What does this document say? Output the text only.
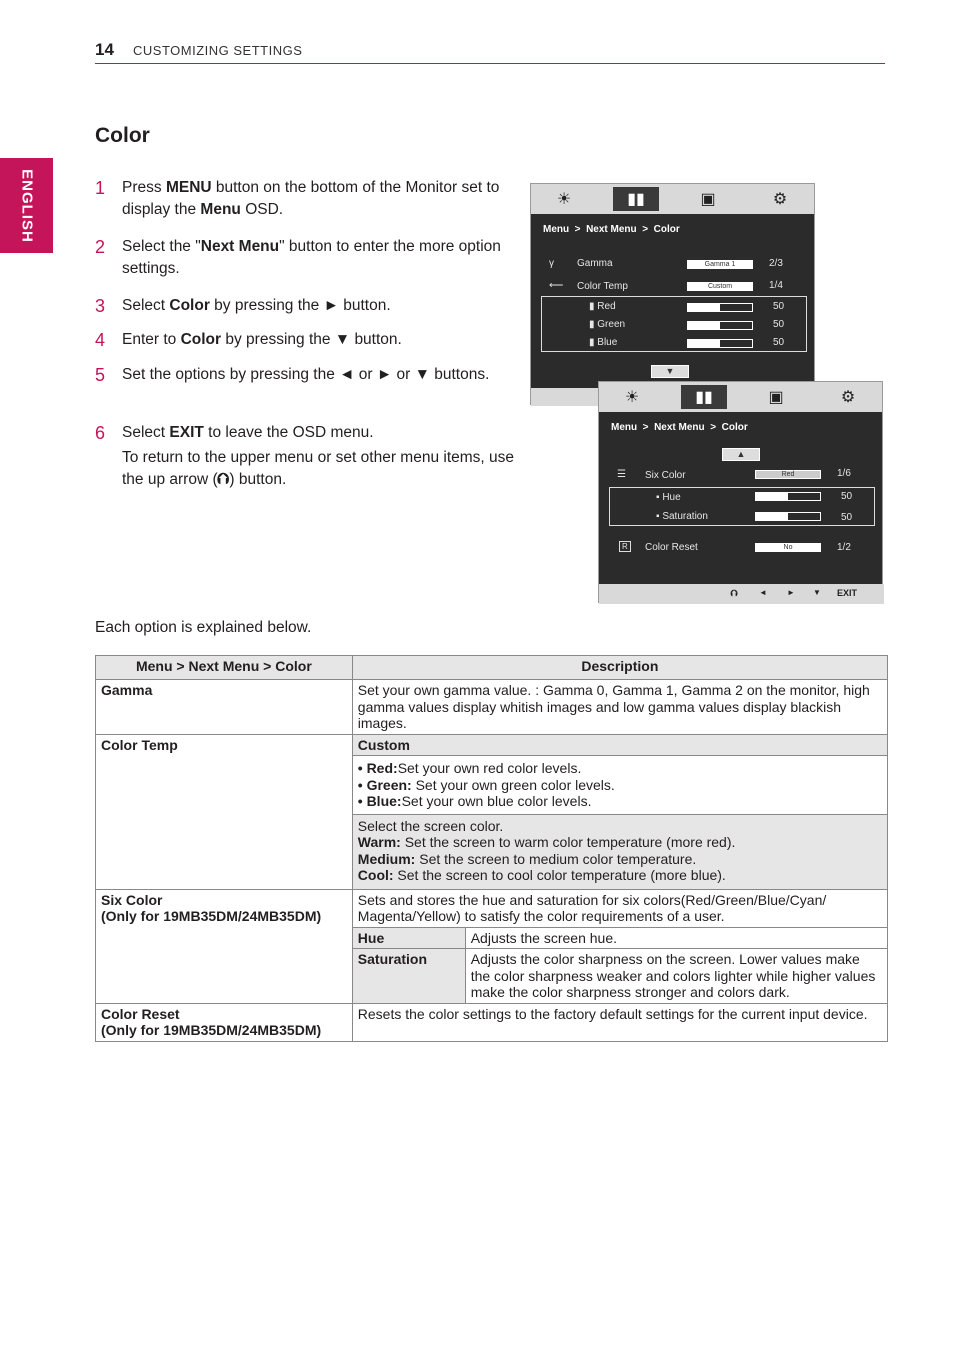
14 CUSTOMIZING SETTINGS
ENGLISH
Color
1 Press MENU button on the bottom of the Monitor set to display the Menu OSD.
2 Select the "Next Menu" button to enter the more option settings.
3 Select Color by pressing the ► button.
4 Enter to Color by pressing the ▼ button.
5 Set the options by pressing the ◄ or ► or ▼ buttons.
6 Select EXIT to leave the OSD menu.
To return to the upper menu or set other menu items, use the up arrow (⮉) button.
☀	▮▮	▣	⚙
Menu > Next Menu > Color
γ Gamma	Gamma 1	2/3
⟵ Color Temp	Custom	1/4
▮ Red	50
▮ Green	50
▮ Blue	50
▼
☀	▮▮	▣	⚙
Menu > Next Menu > Color
▲
☰ Six Color	Red	1/6
▪ Hue	50
▪ Saturation	50
R	Color Reset	No	1/2
⮉	◄	► ▼ EXIT
Each option is explained below.
Menu > Next Menu > Color	Description	
Gamma	Set your own gamma value. : Gamma 0, Gamma 1, Gamma 2 on the monitor, high gamma values display whitish images and low gamma values display blackish images.	
Color Temp	Custom	
	• Red:Set your own red color levels.
• Green: Set your own green color levels.
• Blue:Set your own blue color levels.	
	Select the screen color.
Warm: Set the screen to warm color temperature (more red).
Medium: Set the screen to medium color temperature.
Cool: Set the screen to cool color temperature (more blue).	
Six Color
(Only for 19MB35DM/24MB35DM)	Sets and stores the hue and saturation for six colors(Red/Green/Blue/Cyan/ Magenta/Yellow) to satisfy the color requirements of a user.	
	Hue	Adjusts the screen hue.
	Saturation	Adjusts the color sharpness on the screen. Lower values make the color sharpness weaker and colors lighter while higher values make the color sharpness stronger and colors dark.
Color Reset
(Only for 19MB35DM/24MB35DM)	Resets the color settings to the factory default settings for the current input device.	
